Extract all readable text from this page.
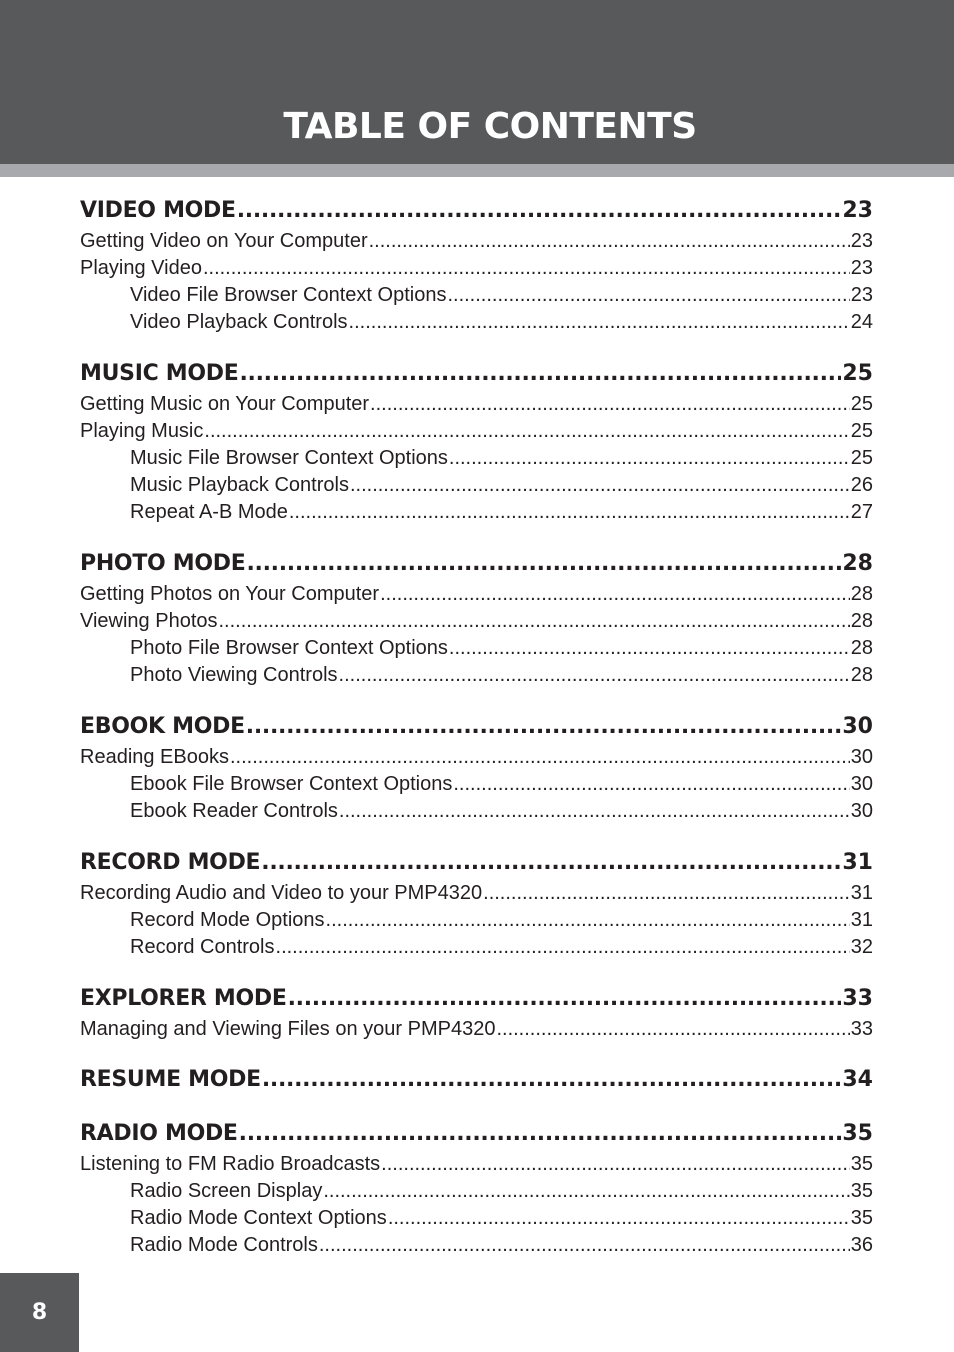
TABLE OF CONTENTS
VIDEO MODE .....	23
Getting Video on Your Computer .....	23
Playing Video .....	23
Video File Browser Context Options .....	23
Video Playback Controls .....	24
MUSIC MODE .....	25
Getting Music on Your Computer .....	25
Playing Music .....	25
Music File Browser Context Options .....	25
Music Playback Controls .....	26
Repeat A-B Mode .....	27
PHOTO MODE .....	28
Getting Photos on Your Computer .....	28
Viewing Photos .....	28
Photo File Browser Context Options .....	28
Photo Viewing Controls .....	28
EBOOK MODE .....	30
Reading EBooks .....	30
Ebook File Browser Context Options .....	30
Ebook Reader Controls .....	30
RECORD MODE .....	31
Recording Audio and Video to your PMP4320 .....	31
Record Mode Options .....	31
Record Controls .....	32
EXPLORER MODE .....	33
Managing and Viewing Files on your PMP4320 .....	33
RESUME MODE .....	34
RADIO MODE .....	35
Listening to FM Radio Broadcasts .....	35
Radio Screen Display .....	35
Radio Mode Context Options .....	35
Radio Mode Controls .....	36
8
